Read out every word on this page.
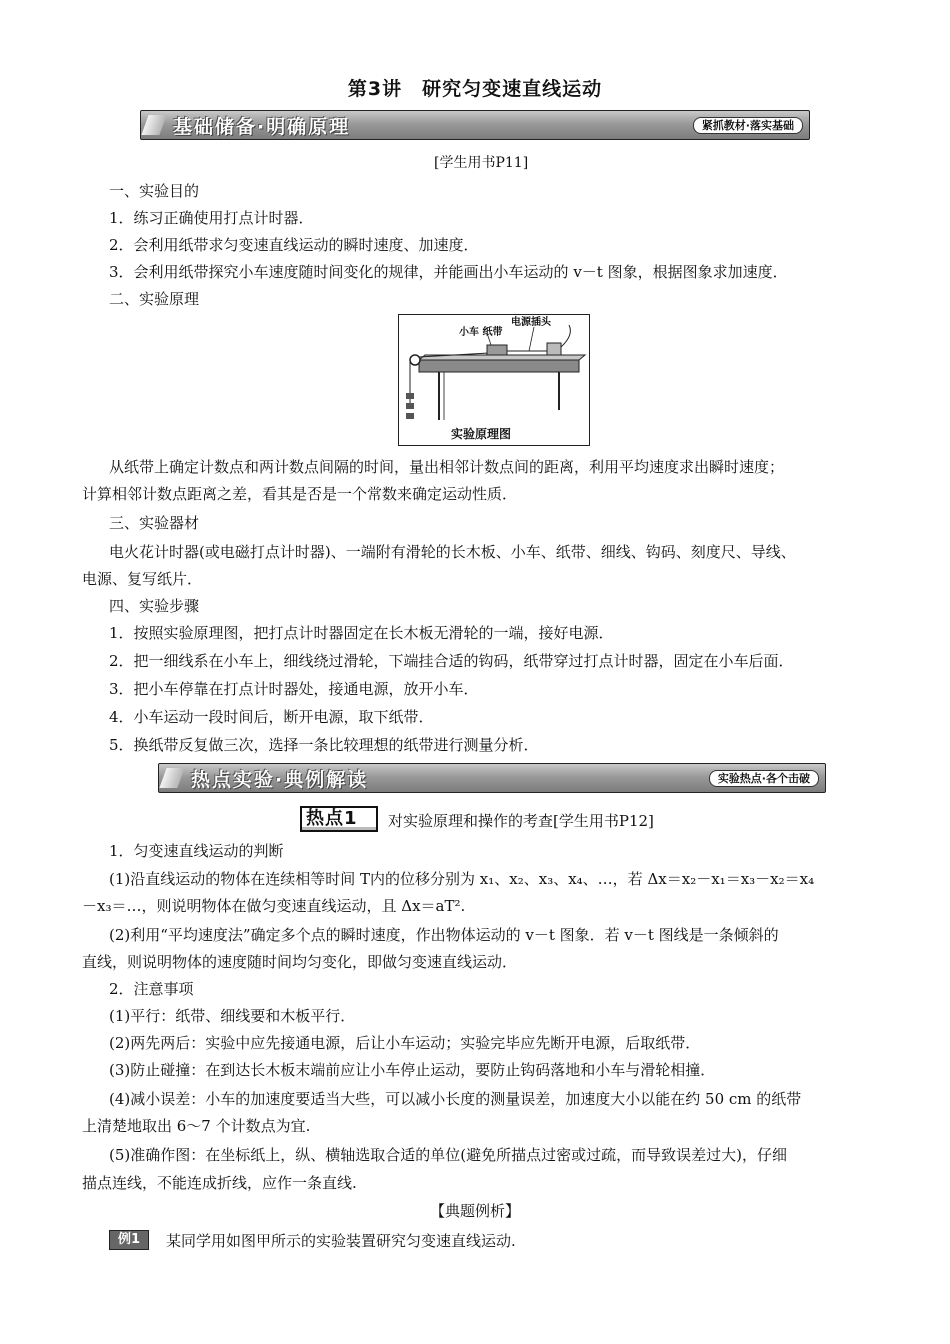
第3讲　研究匀变速直线运动
基础储备·明确原理	紧抓教材·落实基础
[学生用书P11]
一、实验目的
1．练习正确使用打点计时器．
2．会利用纸带求匀变速直线运动的瞬时速度、加速度．
3．会利用纸带探究小车速度随时间变化的规律，并能画出小车运动的 v－t 图象，根据图象求加速度．
二、实验原理
小车 纸带
电源插头
实验原理图
从纸带上确定计数点和两计数点间隔的时间，量出相邻计数点间的距离，利用平均速度求出瞬时速度；
计算相邻计数点距离之差，看其是否是一个常数来确定运动性质．
三、实验器材
电火花计时器(或电磁打点计时器)、一端附有滑轮的长木板、小车、纸带、细线、钩码、刻度尺、导线、
电源、复写纸片．
四、实验步骤
1．按照实验原理图，把打点计时器固定在长木板无滑轮的一端，接好电源．
2．把一细线系在小车上，细线绕过滑轮，下端挂合适的钩码，纸带穿过打点计时器，固定在小车后面．
3．把小车停靠在打点计时器处，接通电源，放开小车．
4．小车运动一段时间后，断开电源，取下纸带．
5．换纸带反复做三次，选择一条比较理想的纸带进行测量分析．
热点实验·典例解读	实验热点·各个击破
热点1	对实验原理和操作的考查[学生用书P12]
1．匀变速直线运动的判断
(1)沿直线运动的物体在连续相等时间 T内的位移分别为 x₁、x₂、x₃、x₄、…，若 Δx＝x₂－x₁＝x₃－x₂＝x₄
－x₃＝…，则说明物体在做匀变速直线运动，且 Δx＝aT².
(2)利用“平均速度法”确定多个点的瞬时速度，作出物体运动的 v－t 图象．若 v－t 图线是一条倾斜的
直线，则说明物体的速度随时间均匀变化，即做匀变速直线运动．
2．注意事项
(1)平行：纸带、细线要和木板平行．
(2)两先两后：实验中应先接通电源，后让小车运动；实验完毕应先断开电源，后取纸带．
(3)防止碰撞：在到达长木板末端前应让小车停止运动，要防止钩码落地和小车与滑轮相撞．
(4)减小误差：小车的加速度要适当大些，可以减小长度的测量误差，加速度大小以能在约 50 cm 的纸带
上清楚地取出 6～7 个计数点为宜.
(5)准确作图：在坐标纸上，纵、横轴选取合适的单位(避免所描点过密或过疏，而导致误差过大)，仔细
描点连线，不能连成折线，应作一条直线.
【典题例析】
例1	某同学用如图甲所示的实验装置研究匀变速直线运动.
